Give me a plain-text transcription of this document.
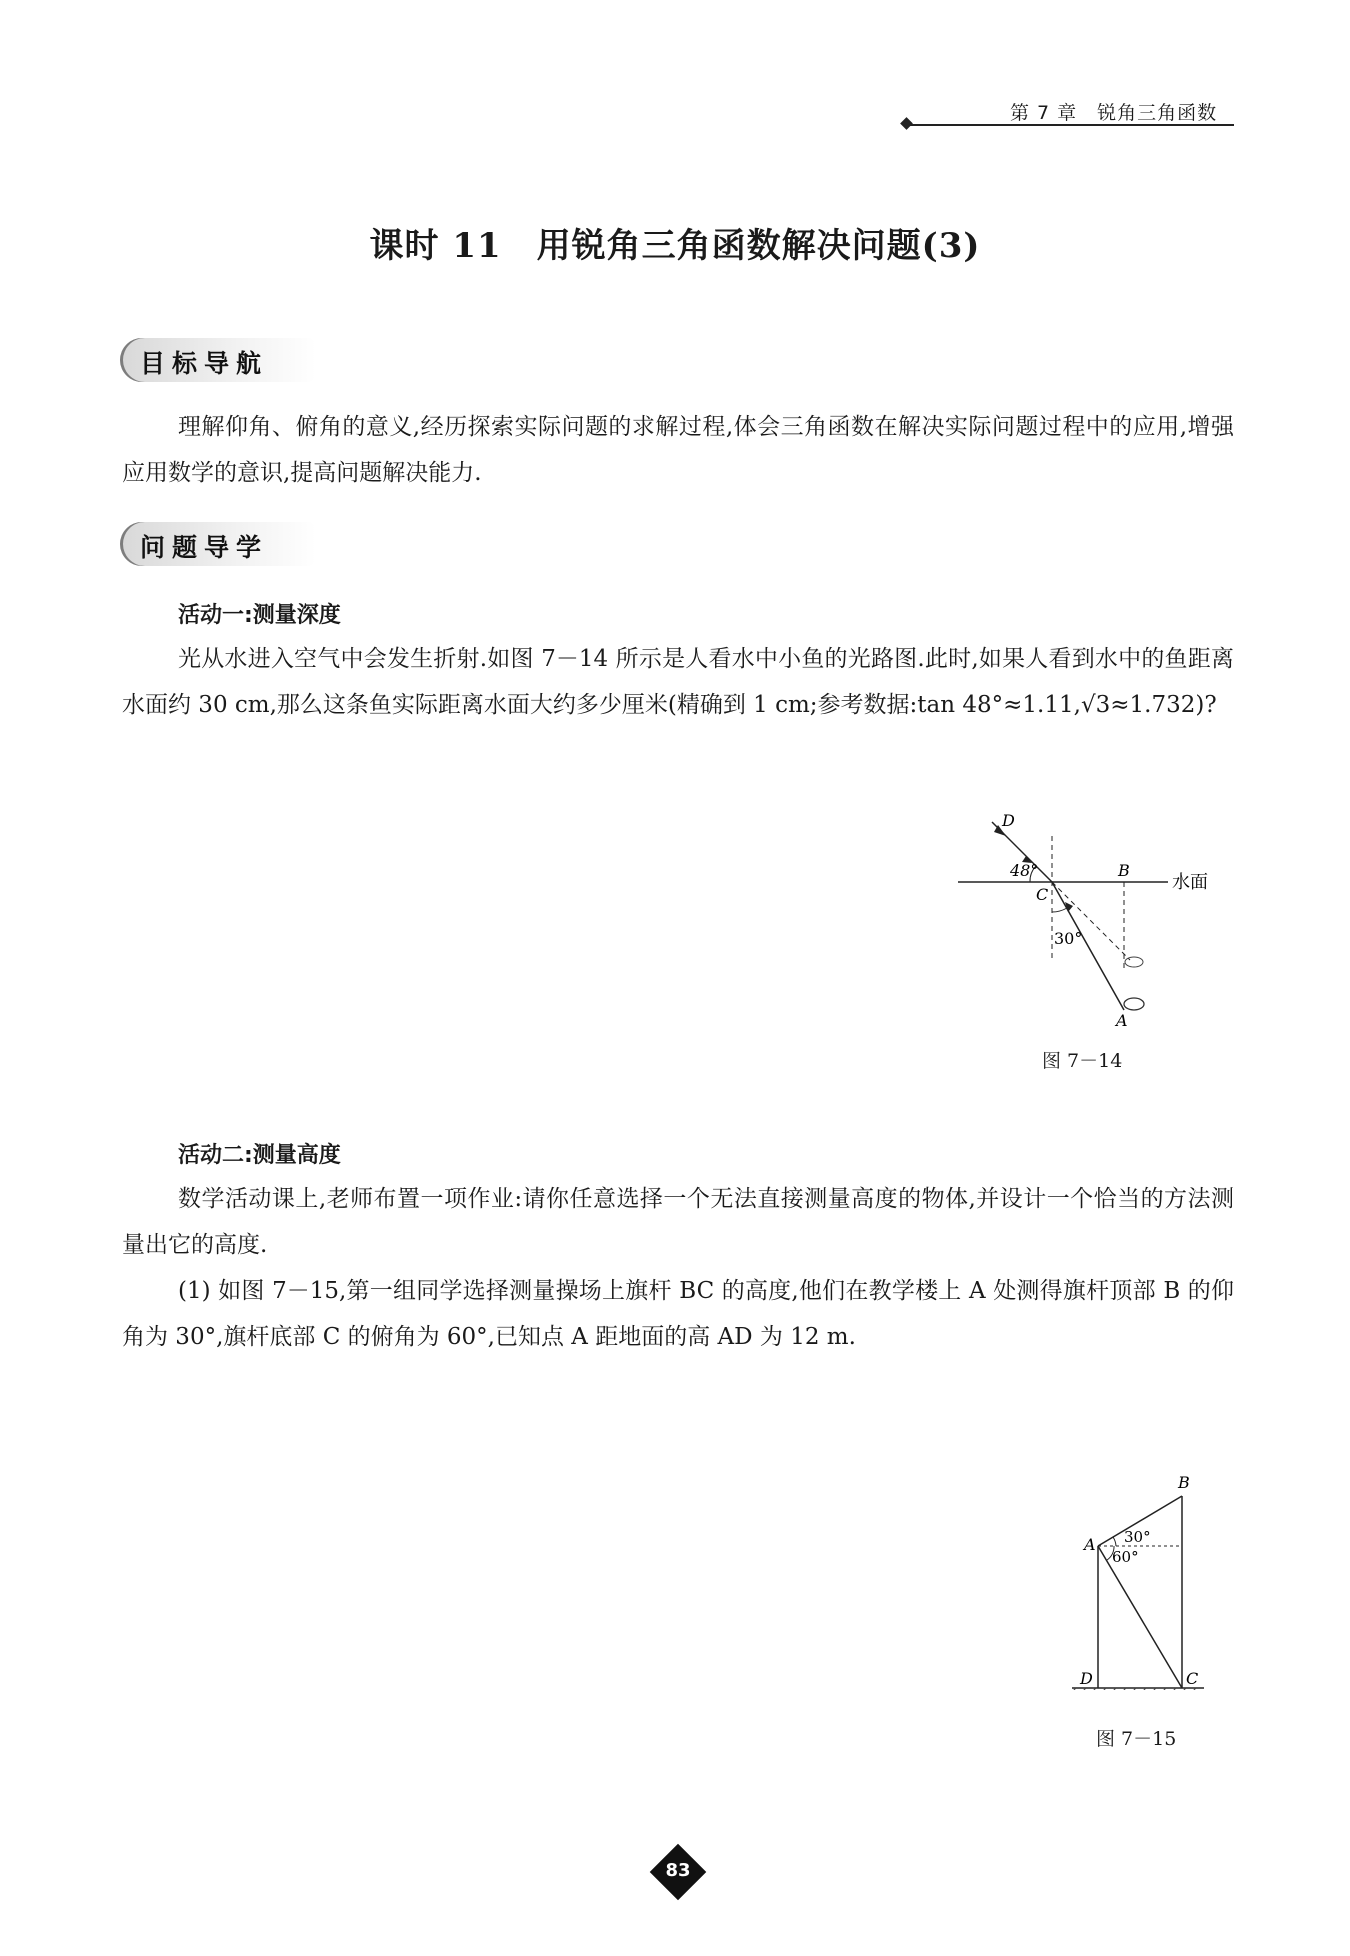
第 7 章　锐角三角函数
课时 11　用锐角三角函数解决问题(3)
目标导航
理解仰角、俯角的意义,经历探索实际问题的求解过程,体会三角函数在解决实际问题过程中的应用,增强应用数学的意识,提高问题解决能力.
问题导学
活动一:测量深度
光从水进入空气中会发生折射.如图 7－14 所示是人看水中小鱼的光路图.此时,如果人看到水中的鱼距离水面约 30 cm,那么这条鱼实际距离水面大约多少厘米(精确到 1 cm;参考数据:tan 48°≈1.11,√3≈1.732)?
48°
D
B
C
30°
A
水面
图 7－14
活动二:测量高度
数学活动课上,老师布置一项作业:请你任意选择一个无法直接测量高度的物体,并设计一个恰当的方法测量出它的高度.
(1) 如图 7－15,第一组同学选择测量操场上旗杆 BC 的高度,他们在教学楼上 A 处测得旗杆顶部 B 的仰角为 30°,旗杆底部 C 的俯角为 60°,已知点 A 距地面的高 AD 为 12 m.
30°
60°
B
A
D	C
图 7－15
83
